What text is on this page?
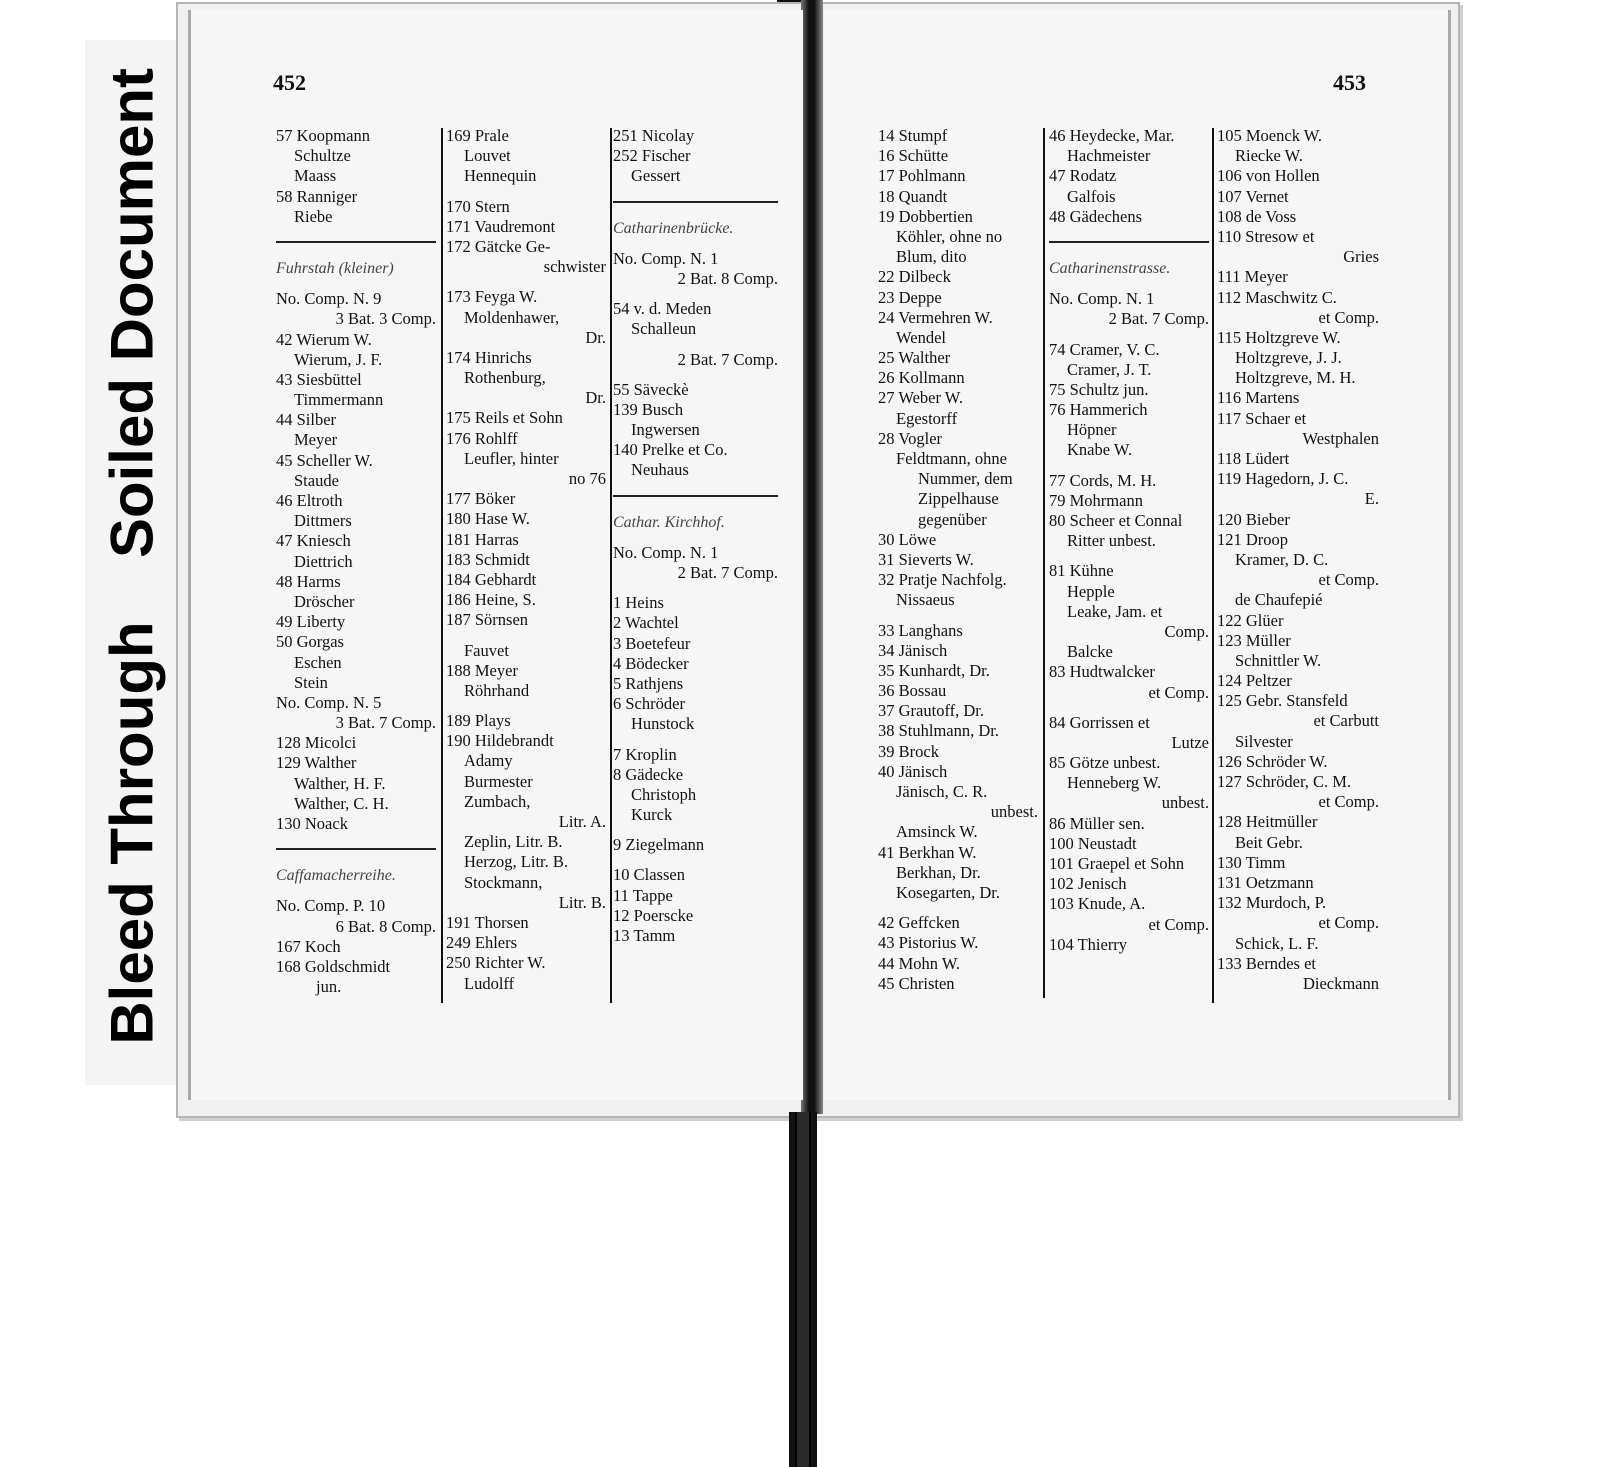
Bleed Through
Soiled Document	452	453
57 Koopmann
Schultze
Maass
58 Ranniger
Riebe
Fuhrstah (kleiner)
No. Comp. N. 9
3 Bat. 3 Comp.
42 Wierum W.
Wierum, J. F.
43 Siesbüttel
Timmermann
44 Silber
Meyer
45 Scheller W.
Staude
46 Eltroth
Dittmers
47 Kniesch
Diettrich
48 Harms
Dröscher
49 Liberty
50 Gorgas
Eschen
Stein
No. Comp. N. 5
3 Bat. 7 Comp.
128 Micolci
129 Walther
Walther, H. F.
Walther, C. H.
130 Noack
Caffamacherreihe.
No. Comp. P. 10
6 Bat. 8 Comp.
167 Koch
168 Goldschmidt
jun.
169 Prale
Louvet
Hennequin
170 Stern
171 Vaudremont
172 Gätcke Ge-
schwister
173 Feyga W.
Moldenhawer,
Dr.
174 Hinrichs
Rothenburg,
Dr.
175 Reils et Sohn
176 Rohlff
Leufler, hinter
no 76
177 Böker
180 Hase W.
181 Harras
183 Schmidt
184 Gebhardt
186 Heine, S.
187 Sörnsen
Fauvet
188 Meyer
Röhrhand
189 Plays
190 Hildebrandt
Adamy
Burmester
Zumbach,
Litr. A.
Zeplin, Litr. B.
Herzog, Litr. B.
Stockmann,
Litr. B.
191 Thorsen
249 Ehlers
250 Richter W.
Ludolff
251 Nicolay
252 Fischer
Gessert
Catharinenbrücke.
No. Comp. N. 1
2 Bat. 8 Comp.
54 v. d. Meden
Schalleun
2 Bat. 7 Comp.
55 Säveckè
139 Busch
Ingwersen
140 Prelke et Co.
Neuhaus
Cathar. Kirchhof.
No. Comp. N. 1
2 Bat. 7 Comp.
1 Heins
2 Wachtel
3 Boetefeur
4 Bödecker
5 Rathjens
6 Schröder
Hunstock
7 Kroplin
8 Gädecke
Christoph
Kurck
9 Ziegelmann
10 Classen
11 Tappe
12 Poerscke
13 Tamm
14 Stumpf
16 Schütte
17 Pohlmann
18 Quandt
19 Dobbertien
Köhler, ohne no
Blum, dito
22 Dilbeck
23 Deppe
24 Vermehren W.
Wendel
25 Walther
26 Kollmann
27 Weber W.
Egestorff
28 Vogler
Feldtmann, ohne
Nummer, dem
Zippelhause
gegenüber
30 Löwe
31 Sieverts W.
32 Pratje Nachfolg.
Nissaeus
33 Langhans
34 Jänisch
35 Kunhardt, Dr.
36 Bossau
37 Grautoff, Dr.
38 Stuhlmann, Dr.
39 Brock
40 Jänisch
Jänisch, C. R.
unbest.
Amsinck W.
41 Berkhan W.
Berkhan, Dr.
Kosegarten, Dr.
42 Geffcken
43 Pistorius W.
44 Mohn W.
45 Christen
46 Heydecke, Mar.
Hachmeister
47 Rodatz
Galfois
48 Gädechens
Catharinenstrasse.
No. Comp. N. 1
2 Bat. 7 Comp.
74 Cramer, V. C.
Cramer, J. T.
75 Schultz jun.
76 Hammerich
Höpner
Knabe W.
77 Cords, M. H.
79 Mohrmann
80 Scheer et Connal
Ritter unbest.
81 Kühne
Hepple
Leake, Jam. et
Comp.
Balcke
83 Hudtwalcker
et Comp.
84 Gorrissen et
Lutze
85 Götze unbest.
Henneberg W.
unbest.
86 Müller sen.
100 Neustadt
101 Graepel et Sohn
102 Jenisch
103 Knude, A.
et Comp.
104 Thierry
105 Moenck W.
Riecke W.
106 von Hollen
107 Vernet
108 de Voss
110 Stresow et
Gries
111 Meyer
112 Maschwitz C.
et Comp.
115 Holtzgreve W.
Holtzgreve, J. J.
Holtzgreve, M. H.
116 Martens
117 Schaer et
Westphalen
118 Lüdert
119 Hagedorn, J. C.
E.
120 Bieber
121 Droop
Kramer, D. C.
et Comp.
de Chaufepié
122 Glüer
123 Müller
Schnittler W.
124 Peltzer
125 Gebr. Stansfeld
et Carbutt
Silvester
126 Schröder W.
127 Schröder, C. M.
et Comp.
128 Heitmüller
Beit Gebr.
130 Timm
131 Oetzmann
132 Murdoch, P.
et Comp.
Schick, L. F.
133 Berndes et
Dieckmann
